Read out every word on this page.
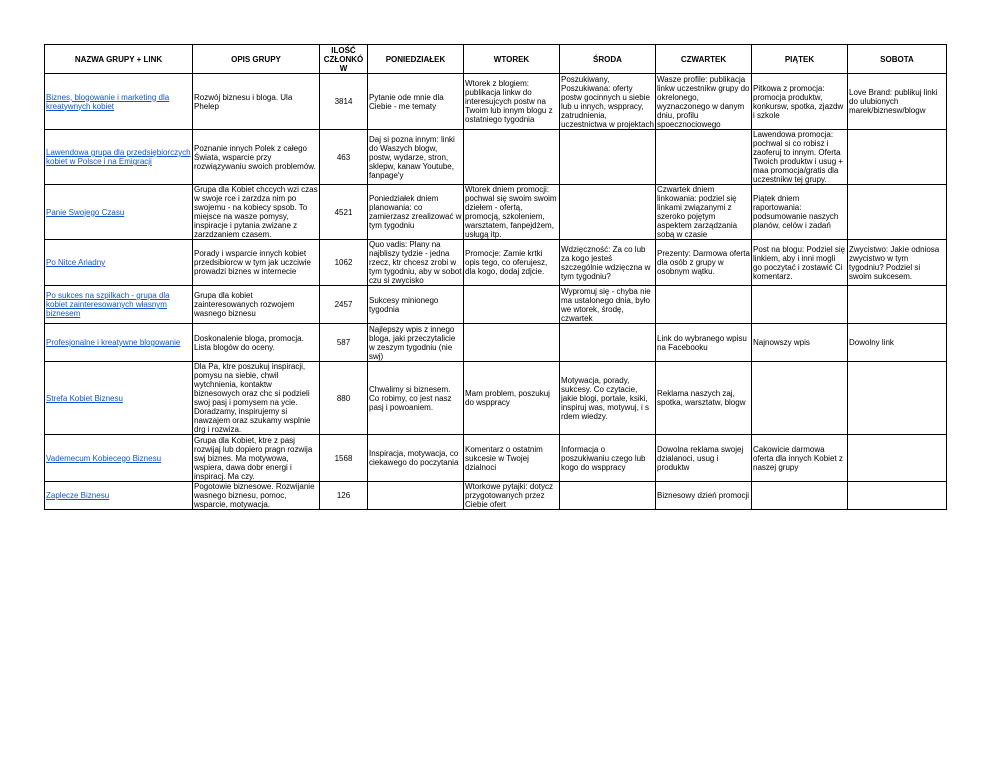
NAZWA GRUPY + LINK	OPIS GRUPY	ILOŚĆ CZŁONKÓW	PONIEDZIAŁEK	WTOREK	ŚRODA	CZWARTEK	PIĄTEK	SOBOTA
Biznes, blogowanie i marketing dla kreatywnych kobiet	Rozwój biznesu i bloga. Ula Phelep	3814	Pytanie ode mnie dla Ciebie - me tematy	Wtorek z blogiem: publikacja linkw do interesujcych postw na Twoim lub innym blogu z ostatniego tygodnia	Poszukiwany, Poszukiwana: oferty postw gocinnych u siebie lub u innych, wsppracy, zatrudnienia, uczestnictwa w projektach	Wasze profile: publikacja linkw uczestnikw grupy do okrelonego, wyznaczonego w danym dniu, profilu spoecznociowego	Pitkowa z promocja: promocja produktw, konkursw, spotka, zjazdw i szkole	Love Brand: publikuj linki do ulubionych marek/biznesw/blogw
Lawendowa grupa dla przedsiębiorczych kobiet w Polsce i na Emigracji	Poznanie innych Polek z całego Świata, wsparcie przy rozwiązywaniu swoich problemów.	463	Daj si pozna innym: linki do Waszych blogw, postw, wydarze, stron, sklepw, kanaw Youtube, fanpage'y				Lawendowa promocja: pochwal si co robisz i zaoferuj to innym. Oferta Twoich produktw i usug + maa promocja/gratis dla uczestnikw tej grupy.	
Panie Swojego Czasu	Grupa dla Kobiet chccych wzi czas w swoje rce i zarzdza nim po swojemu - na kobiecy spsob. To miejsce na wasze pomysy, inspiracje i pytania zwizane z zarzdzaniem czasem.	4521	Poniedziałek dniem planowania: co zamierzasz zrealizować w tym tygodniu	Wtorek dniem promocji: pochwal się swoim swoim dziełem - ofertą, promocją, szkoleniem, warsztatem, fanpejdżem, usługą itp.		Czwartek dniem linkowania: podziel się linkami związanymi z szeroko pojętym aspektem zarządzania sobą w czasie	Piątek dniem raportowania: podsumowanie naszych planów, celów i zadań	
Po Nitce Ariadny	Porady i wsparcie innych kobiet przedsibiorcw w tym jak uczciwie prowadzi biznes w internecie	1062	Quo vadis: Plany na najbliszy tydzie - jedna rzecz, ktr chcesz zrobi w tym tygodniu, aby w sobot czu si zwycisko	Promocje: Zamie krtki opis tego, co oferujesz, dla kogo, dodaj zdjcie.	Wdzięczność: Za co lub za kogo jesteś szczególnie wdzięczna w tym tygodniu?	Prezenty: Darmowa oferta dla osób z grupy w osobnym wątku.	Post na blogu: Podziel się linkiem, aby i inni mogli go poczytać i zostawić Ci komentarz.	Zwycistwo: Jakie odniosa zwycistwo w tym tygodniu? Podziel si swoim sukcesem.
Po sukces na szpilkach - grupa dla kobiet zainteresowanych własnym biznesem	Grupa dla kobiet zainteresowanych rozwojem wasnego biznesu	2457	Sukcesy minionego tygodnia		Wypromuj się - chyba nie ma ustalonego dnia, było we wtorek, środę, czwartek			
Profesjonalne i kreatywne blogowanie	Doskonalenie bloga, promocja. Lista blogów do oceny.	587	Najlepszy wpis z innego bloga, jaki przeczytalicie w zeszym tygodniu (nie swj)			Link do wybranego wpisu na Facebooku	Najnowszy wpis	Dowolny link
Strefa Kobiet Biznesu	Dla Pa, ktre poszukuj inspiracji, pomysu na siebie, chwil wytchnienia, kontaktw biznesowych oraz chc si podzieli swoj pasj i pomysem na ycie. Doradzamy, inspirujemy si nawzajem oraz szukamy wsplnie drg i rozwiza.	880	Chwalimy si biznesem. Co robimy, co jest nasz pasj i powoaniem.	Mam problem, poszukuj do wsppracy	Motywacja, porady, sukcesy. Co czytacie, jakie blogi, portale, ksiki, inspiruj was, motywuj, i s rdem wiedzy.	Reklama naszych zaj, spotka, warsztatw, blogw		
Vademecum Kobiecego Biznesu	Grupa dla Kobiet, ktre z pasj rozwijaj lub dopiero pragn rozwija swj biznes. Ma motywowa, wspiera, dawa dobr energi i inspiracj. Ma czy.	1568	Inspiracja, motywacja, co ciekawego do poczytania	Komentarz o ostatnim sukcesie w Twojej dzialnoci	Informacja o poszukiwaniu czego lub kogo do wsppracy	Dowolna reklama swojej dzialanoci, usug i produktw	Cakowicie darmowa oferta dla innych Kobiet z naszej grupy	
Zaplecze Biznesu	Pogotowie biznesowe. Rozwijanie wasnego biznesu, pomoc, wsparcie, motywacja.	126		Wtorkowe pytajki: dotycz przygotowanych przez Ciebie ofert		Biznesowy dzień promocji		
